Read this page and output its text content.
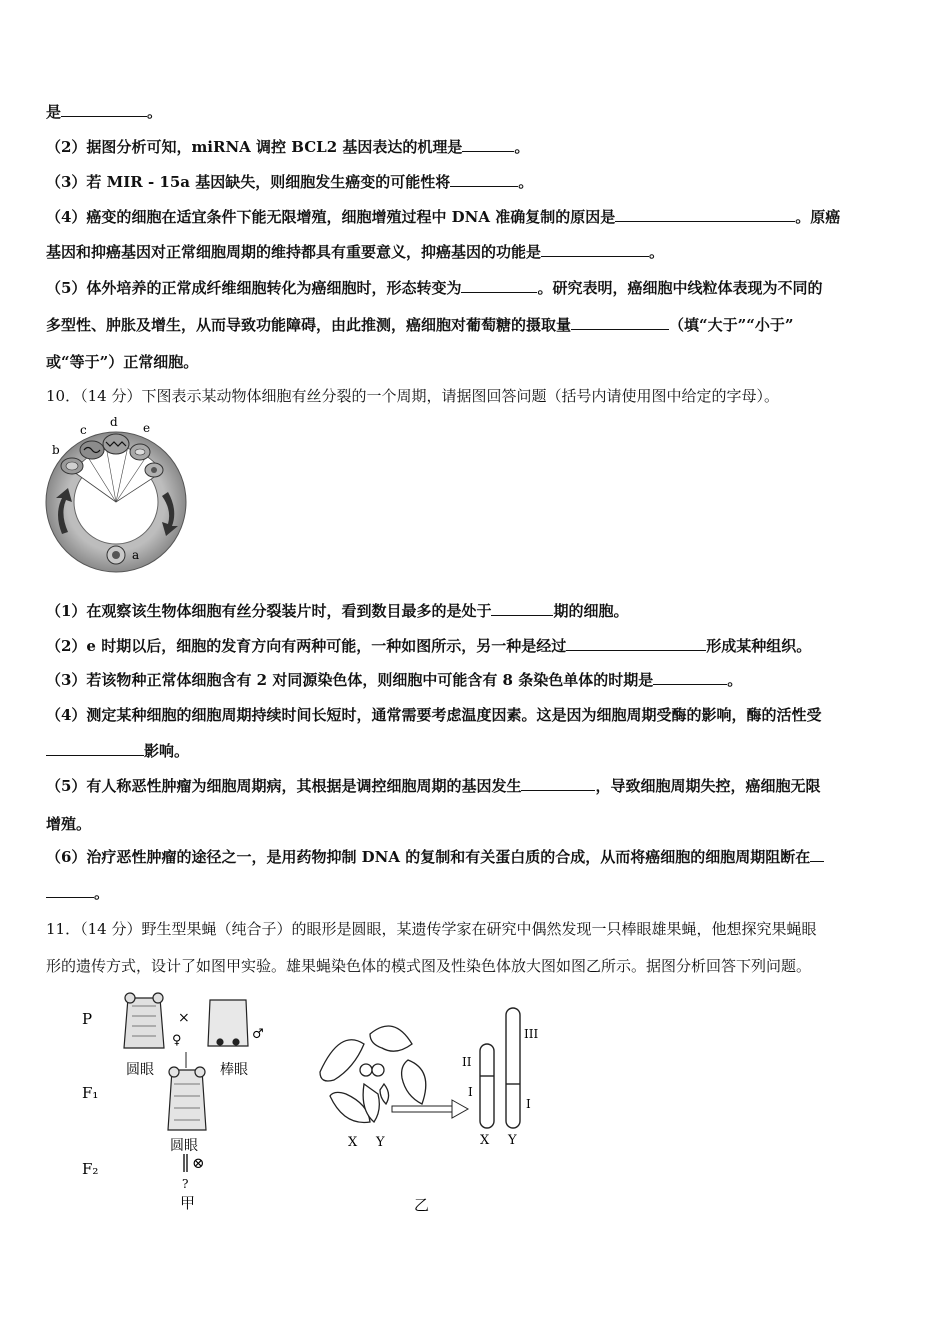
是	。
（2）据图分析可知，miRNA 调控 BCL2 基因表达的机理是	。
（3）若 MIR - 15a 基因缺失，则细胞发生癌变的可能性将	。
（4）癌变的细胞在适宜条件下能无限增殖，细胞增殖过程中 DNA 准确复制的原因是	。原癌
基因和抑癌基因对正常细胞周期的维持都具有重要意义，抑癌基因的功能是	。
（5）体外培养的正常成纤维细胞转化为癌细胞时，形态转变为	。研究表明，癌细胞中线粒体表现为不同的
多型性、肿胀及增生，从而导致功能障碍，由此推测，癌细胞对葡萄糖的摄取量	（填“大于”“小于”
或“等于”）正常细胞。
10．（14 分）下图表示某动物体细胞有丝分裂的一个周期，请据图回答问题（括号内请使用图中给定的字母）。
b
c
d e
a
（1）在观察该生物体细胞有丝分裂装片时，看到数目最多的是处于	期的细胞。
（2）e 时期以后，细胞的发育方向有两种可能，一种如图所示，另一种是经过	形成某种组织。
（3）若该物种正常体细胞含有 2 对同源染色体，则细胞中可能含有 8 条染色单体的时期是	。
（4）测定某种细胞的细胞周期持续时间长短时，通常需要考虑温度因素。这是因为细胞周期受酶的影响，酶的活性受
影响。
（5）有人称恶性肿瘤为细胞周期病，其根据是调控细胞周期的基因发生	，导致细胞周期失控，癌细胞无限
增殖。
（6）治疗恶性肿瘤的途径之一，是用药物抑制 DNA 的复制和有关蛋白质的合成，从而将癌细胞的细胞周期阻断在
。
11．（14 分）野生型果蝇（纯合子）的眼形是圆眼，某遗传学家在研究中偶然发现一只棒眼雄果蝇，他想探究果蝇眼
形的遗传方式，设计了如图甲实验。雄果蝇染色体的模式图及性染色体放大图如图乙所示。据图分析回答下列问题。
P
F₁
F₂
×
♀	♂
圆眼	棒眼
圆眼
⊗
?
甲
X Y
II
I
III
I
X Y
乙
